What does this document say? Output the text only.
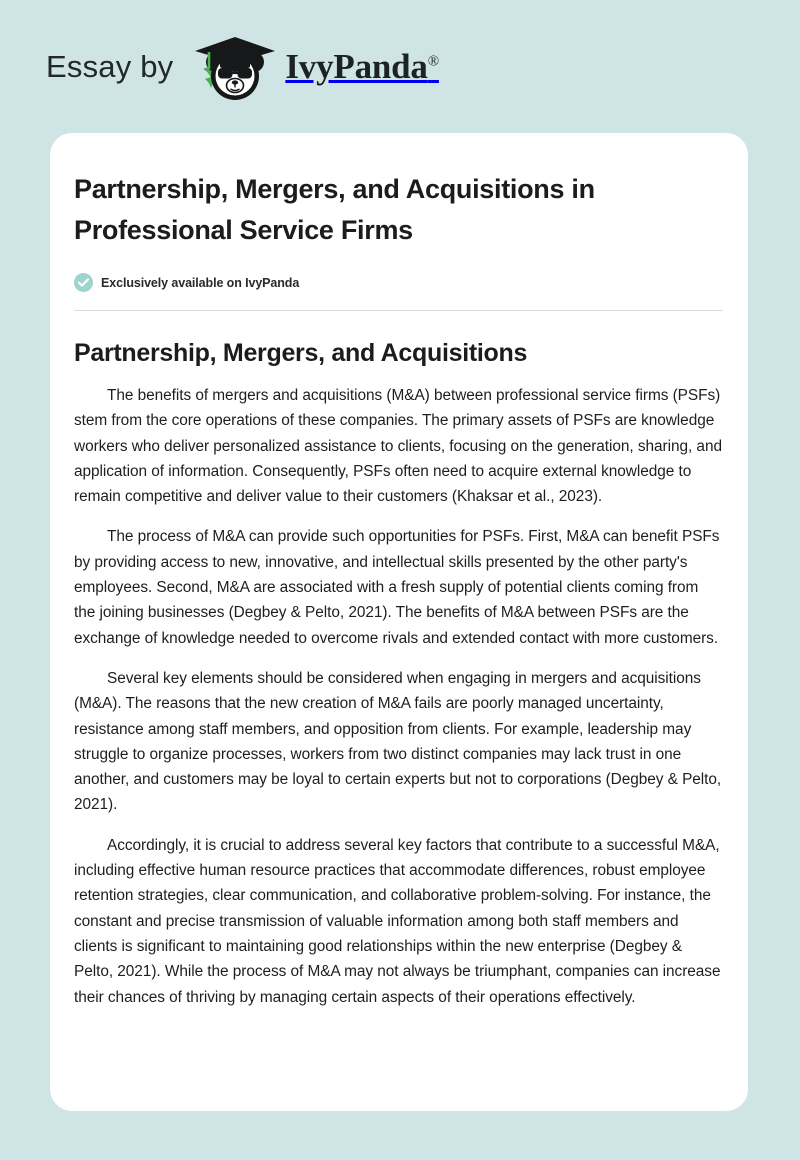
Essay by	IvyPanda®
Partnership, Mergers, and Acquisitions in Professional Service Firms
Exclusively available on IvyPanda
Partnership, Mergers, and Acquisitions

The benefits of mergers and acquisitions (M&A) between professional service firms (PSFs) stem from the core operations of these companies. The primary assets of PSFs are knowledge workers who deliver personalized assistance to clients, focusing on the generation, sharing, and application of information. Consequently, PSFs often need to acquire external knowledge to remain competitive and deliver value to their customers (Khaksar et al., 2023).

The process of M&A can provide such opportunities for PSFs. First, M&A can benefit PSFs by providing access to new, innovative, and intellectual skills presented by the other party's employees. Second, M&A are associated with a fresh supply of potential clients coming from the joining businesses (Degbey & Pelto, 2021). The benefits of M&A between PSFs are the exchange of knowledge needed to overcome rivals and extended contact with more customers.

Several key elements should be considered when engaging in mergers and acquisitions (M&A). The reasons that the new creation of M&A fails are poorly managed uncertainty, resistance among staff members, and opposition from clients. For example, leadership may struggle to organize processes, workers from two distinct companies may lack trust in one another, and customers may be loyal to certain experts but not to corporations (Degbey & Pelto, 2021).

Accordingly, it is crucial to address several key factors that contribute to a successful M&A, including effective human resource practices that accommodate differences, robust employee retention strategies, clear communication, and collaborative problem-solving. For instance, the constant and precise transmission of valuable information among both staff members and clients is significant to maintaining good relationships within the new enterprise (Degbey & Pelto, 2021). While the process of M&A may not always be triumphant, companies can increase their chances of thriving by managing certain aspects of their operations effectively.
